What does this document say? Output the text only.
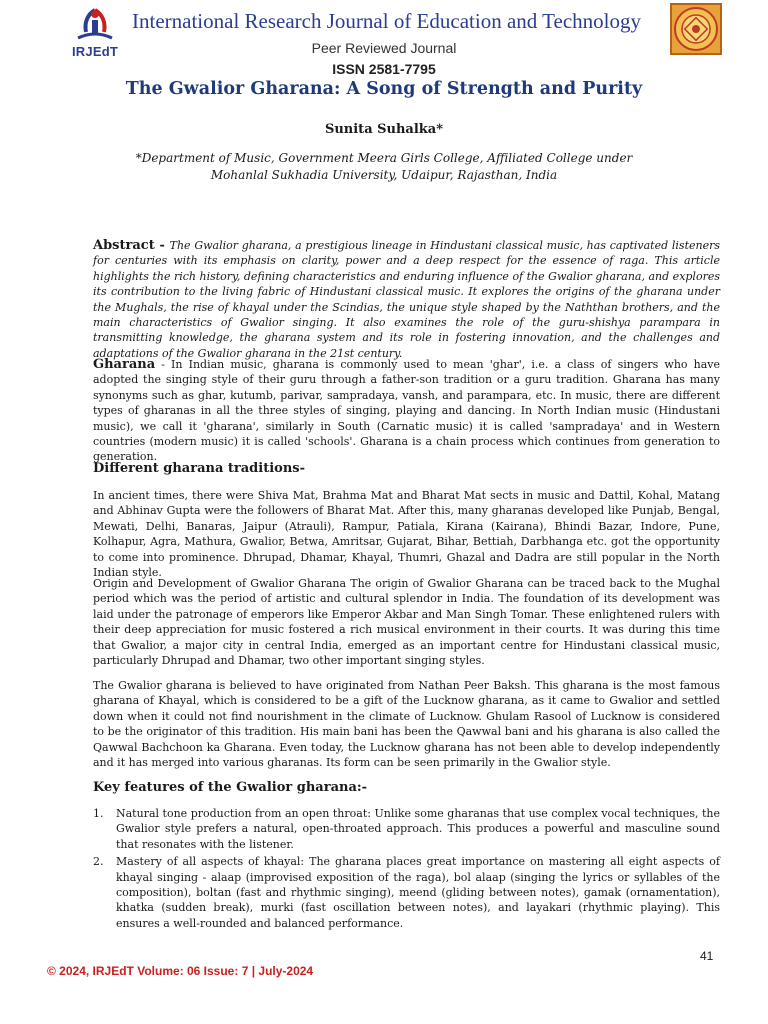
IRJEdT
International Research Journal of Education and Technology
Peer Reviewed Journal
ISSN 2581-7795
The Gwalior Gharana: A Song of Strength and Purity
Sunita Suhalka*
*Department of Music, Government Meera Girls College, Affiliated College under Mohanlal Sukhadia University, Udaipur, Rajasthan, India
Abstract - The Gwalior gharana, a prestigious lineage in Hindustani classical music, has captivated listeners for centuries with its emphasis on clarity, power and a deep respect for the essence of raga. This article highlights the rich history, defining characteristics and enduring influence of the Gwalior gharana, and explores its contribution to the living fabric of Hindustani classical music. It explores the origins of the gharana under the Mughals, the rise of khayal under the Scindias, the unique style shaped by the Naththan brothers, and the main characteristics of Gwalior singing. It also examines the role of the guru-shishya parampara in transmitting knowledge, the gharana system and its role in fostering innovation, and the challenges and adaptations of the Gwalior gharana in the 21st century.
Gharana - In Indian music, gharana is commonly used to mean 'ghar', i.e. a class of singers who have adopted the singing style of their guru through a father-son tradition or a guru tradition. Gharana has many synonyms such as ghar, kutumb, parivar, sampradaya, vansh, and parampara, etc. In music, there are different types of gharanas in all the three styles of singing, playing and dancing. In North Indian music (Hindustani music), we call it 'gharana', similarly in South (Carnatic music) it is called 'sampradaya' and in Western countries (modern music) it is called 'schools'. Gharana is a chain process which continues from generation to generation.
Different gharana traditions-
In ancient times, there were Shiva Mat, Brahma Mat and Bharat Mat sects in music and Dattil, Kohal, Matang and Abhinav Gupta were the followers of Bharat Mat. After this, many gharanas developed like Punjab, Bengal, Mewati, Delhi, Banaras, Jaipur (Atrauli), Rampur, Patiala, Kirana (Kairana), Bhindi Bazar, Indore, Pune, Kolhapur, Agra, Mathura, Gwalior, Betwa, Amritsar, Gujarat, Bihar, Bettiah, Darbhanga etc. got the opportunity to come into prominence. Dhrupad, Dhamar, Khayal, Thumri, Ghazal and Dadra are still popular in the North Indian style.
Origin and Development of Gwalior Gharana The origin of Gwalior Gharana can be traced back to the Mughal period which was the period of artistic and cultural splendor in India. The foundation of its development was laid under the patronage of emperors like Emperor Akbar and Man Singh Tomar. These enlightened rulers with their deep appreciation for music fostered a rich musical environment in their courts. It was during this time that Gwalior, a major city in central India, emerged as an important centre for Hindustani classical music, particularly Dhrupad and Dhamar, two other important singing styles.
The Gwalior gharana is believed to have originated from Nathan Peer Baksh. This gharana is the most famous gharana of Khayal, which is considered to be a gift of the Lucknow gharana, as it came to Gwalior and settled down when it could not find nourishment in the climate of Lucknow. Ghulam Rasool of Lucknow is considered to be the originator of this tradition. His main bani has been the Qawwal bani and his gharana is also called the Qawwal Bachchoon ka Gharana. Even today, the Lucknow gharana has not been able to develop independently and it has merged into various gharanas. Its form can be seen primarily in the Gwalior style.
Key features of the Gwalior gharana:-
1. Natural tone production from an open throat: Unlike some gharanas that use complex vocal techniques, the Gwalior style prefers a natural, open-throated approach. This produces a powerful and masculine sound that resonates with the listener.
2. Mastery of all aspects of khayal: The gharana places great importance on mastering all eight aspects of khayal singing - alaap (improvised exposition of the raga), bol alaap (singing the lyrics or syllables of the composition), boltan (fast and rhythmic singing), meend (gliding between notes), gamak (ornamentation), khatka (sudden break), murki (fast oscillation between notes), and layakari (rhythmic playing). This ensures a well-rounded and balanced performance.
41
© 2024, IRJEdT Volume: 06 Issue: 7 | July-2024
